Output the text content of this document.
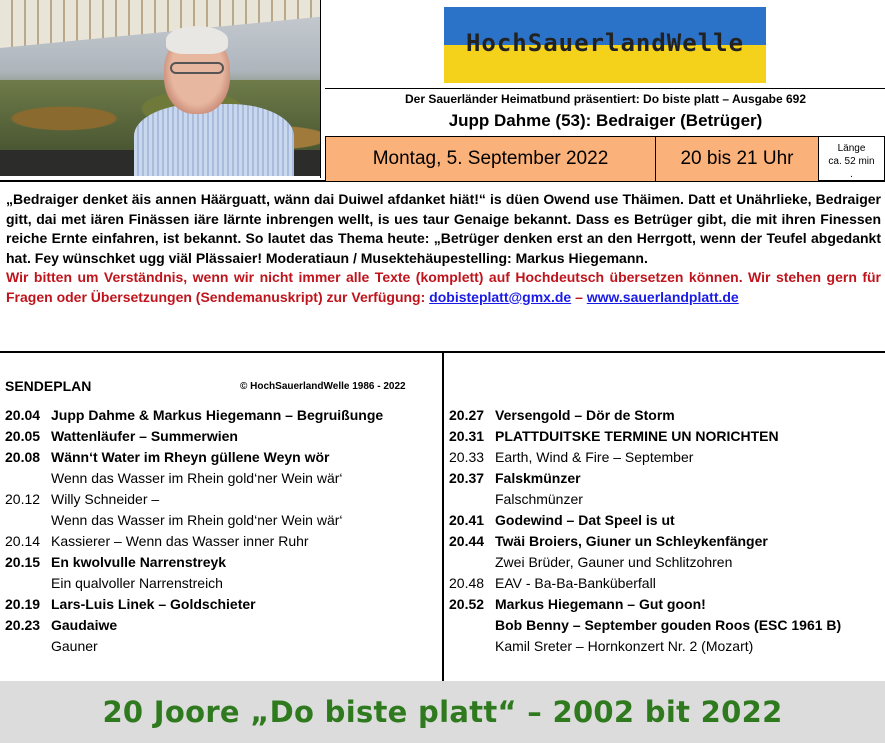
HochSauerlandWelle
Der Sauerländer Heimatbund präsentiert: Do biste platt – Ausgabe 692
Jupp Dahme (53): Bedraiger (Betrüger)
Montag, 5. September 2022	20 bis 21 Uhr	Länge
ca. 52 min
.

„Bedraiger denket äis annen Häärguatt, wänn dai Duiwel afdanket hiät!“ is düen Owend use Thäimen. Datt et Unährlieke, Bedraiger gitt, dai met iären Finässen iäre lärnte inbrengen wellt, is ues taur Genaige bekannt. Dass es Betrüger gibt, die mit ihren Finessen reiche Ernte einfahren, ist bekannt. So lautet das Thema heute: „Betrüger denken erst an den Herrgott, wenn der Teufel abgedankt hat. Fey wünschket ugg viäl Plässaier! Moderatiaun / Musektehäupestelling: Markus Hiegemann.

Wir bitten um Verständnis, wenn wir nicht immer alle Texte (komplett) auf Hochdeutsch übersetzen können. Wir stehen gern für Fragen oder Übersetzungen (Sendemanuskript) zur Verfügung: dobisteplatt@gmx.de – www.sauerlandplatt.de

SENDEPLAN	© HochSauerlandWelle 1986 - 2022
20.04 Jupp Dahme & Markus Hiegemann – Begruißunge
20.05 Wattenläufer – Summerwien
20.08 Wänn‘t Water im Rheyn güllene Weyn wör
Wenn das Wasser im Rhein gold‘ner Wein wär‘
20.12 Willy Schneider –
Wenn das Wasser im Rhein gold‘ner Wein wär‘
20.14 Kassierer – Wenn das Wasser inner Ruhr
20.15 En kwolvulle Narrenstreyk
Ein qualvoller Narrenstreich
20.19 Lars-Luis Linek – Goldschieter
20.23 Gaudaiwe
Gauner
20.27 Versengold – Dör de Storm
20.31 PLATTDUITSKE TERMINE UN NORICHTEN
20.33 Earth, Wind & Fire – September
20.37 Falskmünzer
Falschmünzer
20.41 Godewind – Dat Speel is ut
20.44 Twäi Broiers, Giuner un Schleykenfänger
Zwei Brüder, Gauner und Schlitzohren
20.48 EAV - Ba-Ba-Banküberfall
20.52 Markus Hiegemann – Gut goon!
Bob Benny – September gouden Roos (ESC 1961 B)
Kamil Sreter – Hornkonzert Nr. 2 (Mozart)
20 Joore „Do biste platt“ – 2002 bit 2022
